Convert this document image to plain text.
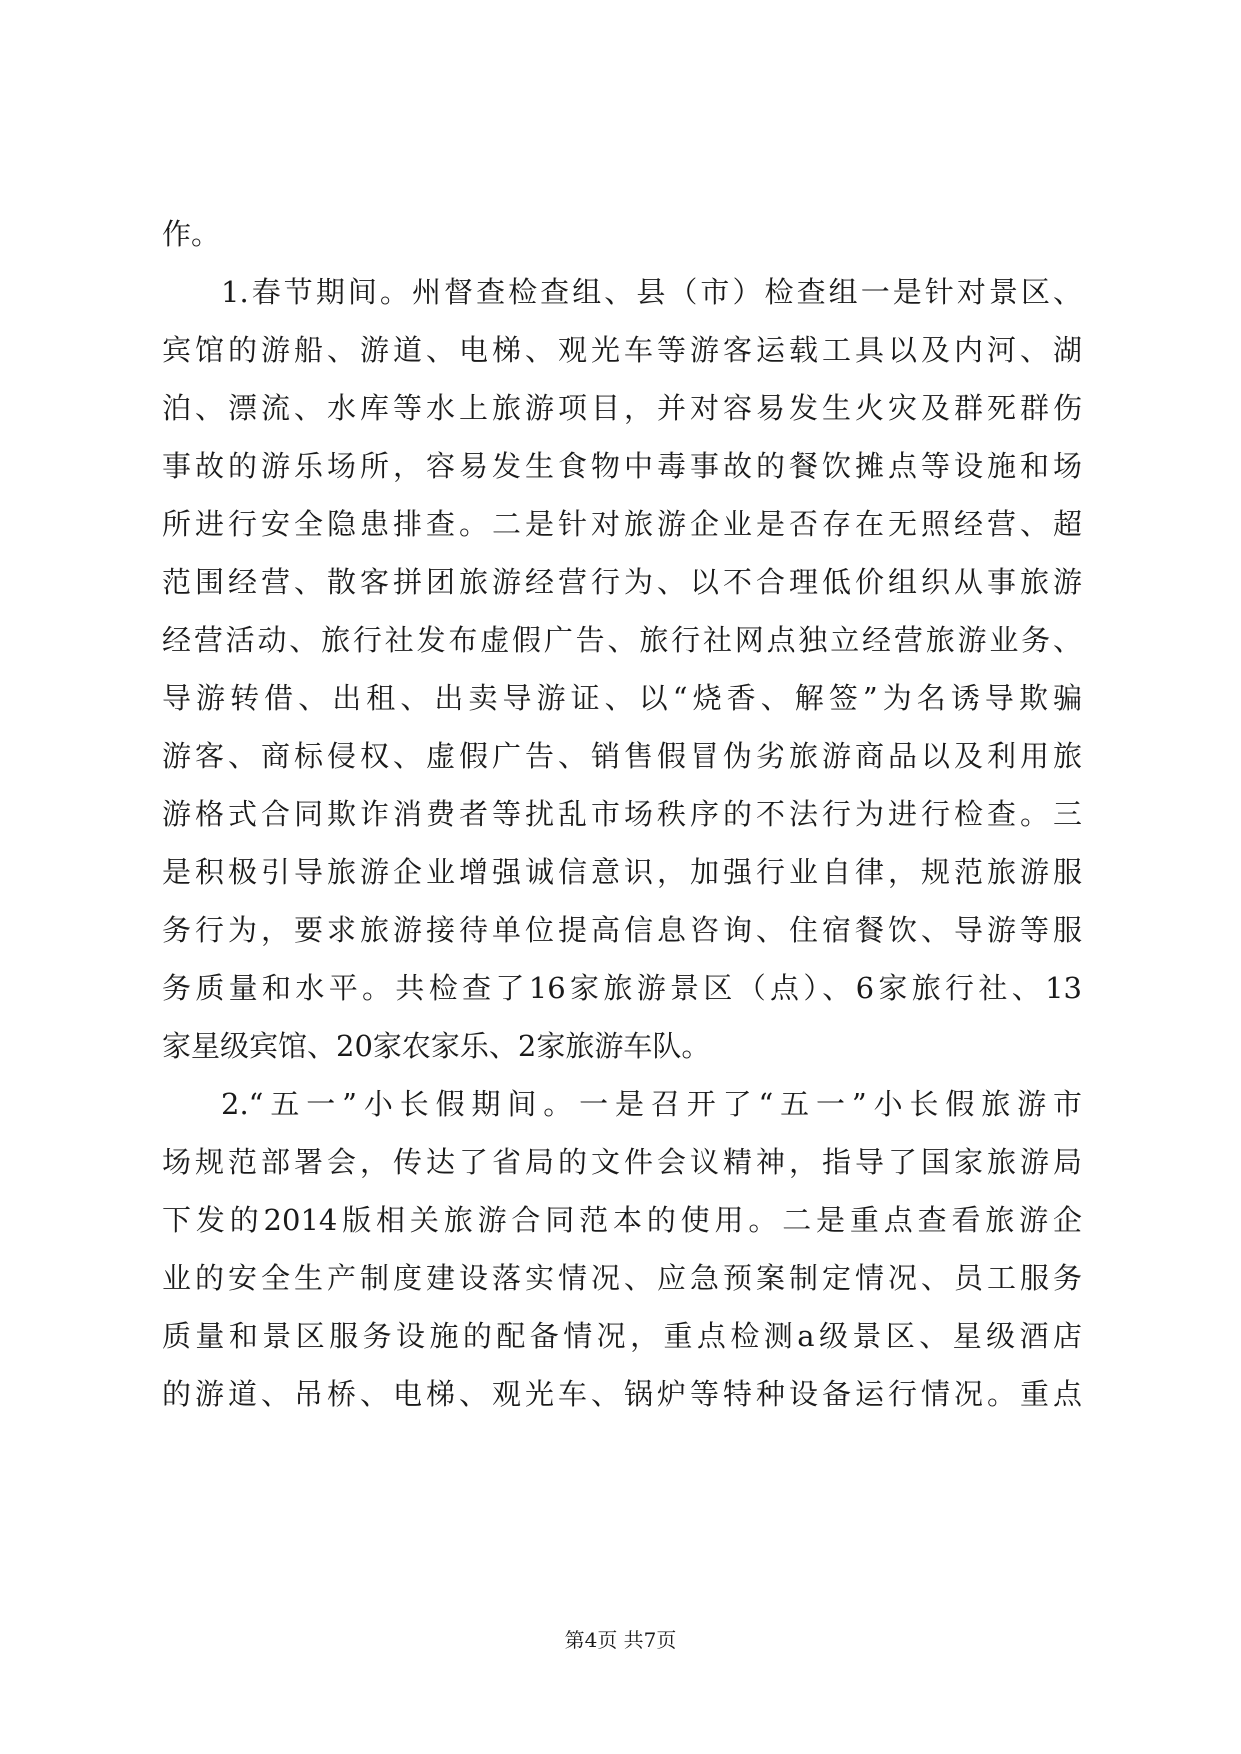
作。
1.春节期间。州督查检查组、县（市）检查组一是针对景区、
宾馆的游船、游道、电梯、观光车等游客运载工具以及内河、湖
泊、漂流、水库等水上旅游项目，并对容易发生火灾及群死群伤
事故的游乐场所，容易发生食物中毒事故的餐饮摊点等设施和场
所进行安全隐患排查。二是针对旅游企业是否存在无照经营、超
范围经营、散客拼团旅游经营行为、以不合理低价组织从事旅游
经营活动、旅行社发布虚假广告、旅行社网点独立经营旅游业务、
导游转借、出租、出卖导游证、以“烧香、解签”为名诱导欺骗
游客、商标侵权、虚假广告、销售假冒伪劣旅游商品以及利用旅
游格式合同欺诈消费者等扰乱市场秩序的不法行为进行检查。三
是积极引导旅游企业增强诚信意识，加强行业自律，规范旅游服
务行为，要求旅游接待单位提高信息咨询、住宿餐饮、导游等服
务质量和水平。共检查了16家旅游景区（点）、6家旅行社、13
家星级宾馆、20家农家乐、2家旅游车队。
2.“五一”小长假期间。一是召开了“五一”小长假旅游市
场规范部署会，传达了省局的文件会议精神，指导了国家旅游局
下发的2014版相关旅游合同范本的使用。二是重点查看旅游企
业的安全生产制度建设落实情况、应急预案制定情况、员工服务
质量和景区服务设施的配备情况，重点检测a级景区、星级酒店
的游道、吊桥、电梯、观光车、锅炉等特种设备运行情况。重点
第4页 共7页
